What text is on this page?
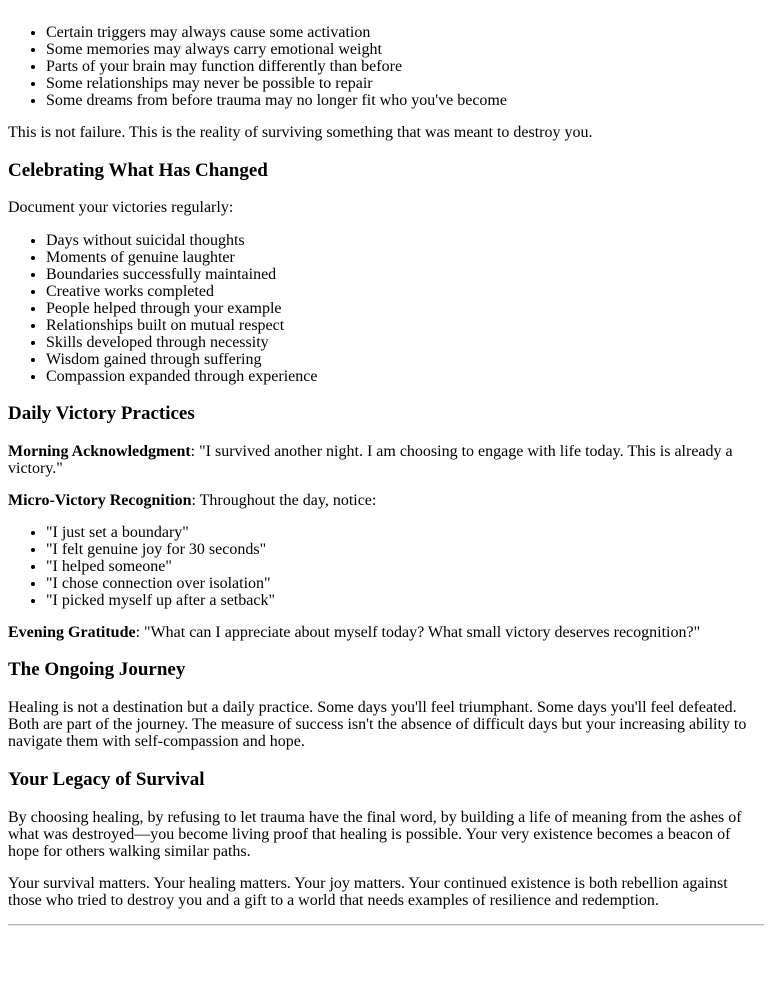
• Certain triggers may always cause some activation
• Some memories may always carry emotional weight
• Parts of your brain may function differently than before
• Some relationships may never be possible to repair
• Some dreams from before trauma may no longer fit who you've become

This is not failure. This is the reality of surviving something that was meant to destroy you.

Celebrating What Has Changed

Document your victories regularly:

• Days without suicidal thoughts
• Moments of genuine laughter
• Boundaries successfully maintained
• Creative works completed
• People helped through your example
• Relationships built on mutual respect
• Skills developed through necessity
• Wisdom gained through suffering
• Compassion expanded through experience
Daily Victory Practices

Morning Acknowledgment: "I survived another night. I am choosing to engage with life today. This is already a victory."

Micro-Victory Recognition: Throughout the day, notice:

• "I just set a boundary"
• "I felt genuine joy for 30 seconds"
• "I helped someone"
• "I chose connection over isolation"
• "I picked myself up after a setback"

Evening Gratitude: "What can I appreciate about myself today? What small victory deserves recognition?"

The Ongoing Journey

Healing is not a destination but a daily practice. Some days you'll feel triumphant. Some days you'll feel defeated. Both are part of the journey. The measure of success isn't the absence of difficult days but your increasing ability to navigate them with self-compassion and hope.

Your Legacy of Survival

By choosing healing, by refusing to let trauma have the final word, by building a life of meaning from the ashes of what was destroyed—you become living proof that healing is possible. Your very existence becomes a beacon of hope for others walking similar paths.

Your survival matters. Your healing matters. Your joy matters. Your continued existence is both rebellion against those who tried to destroy you and a gift to a world that needs examples of resilience and redemption.
